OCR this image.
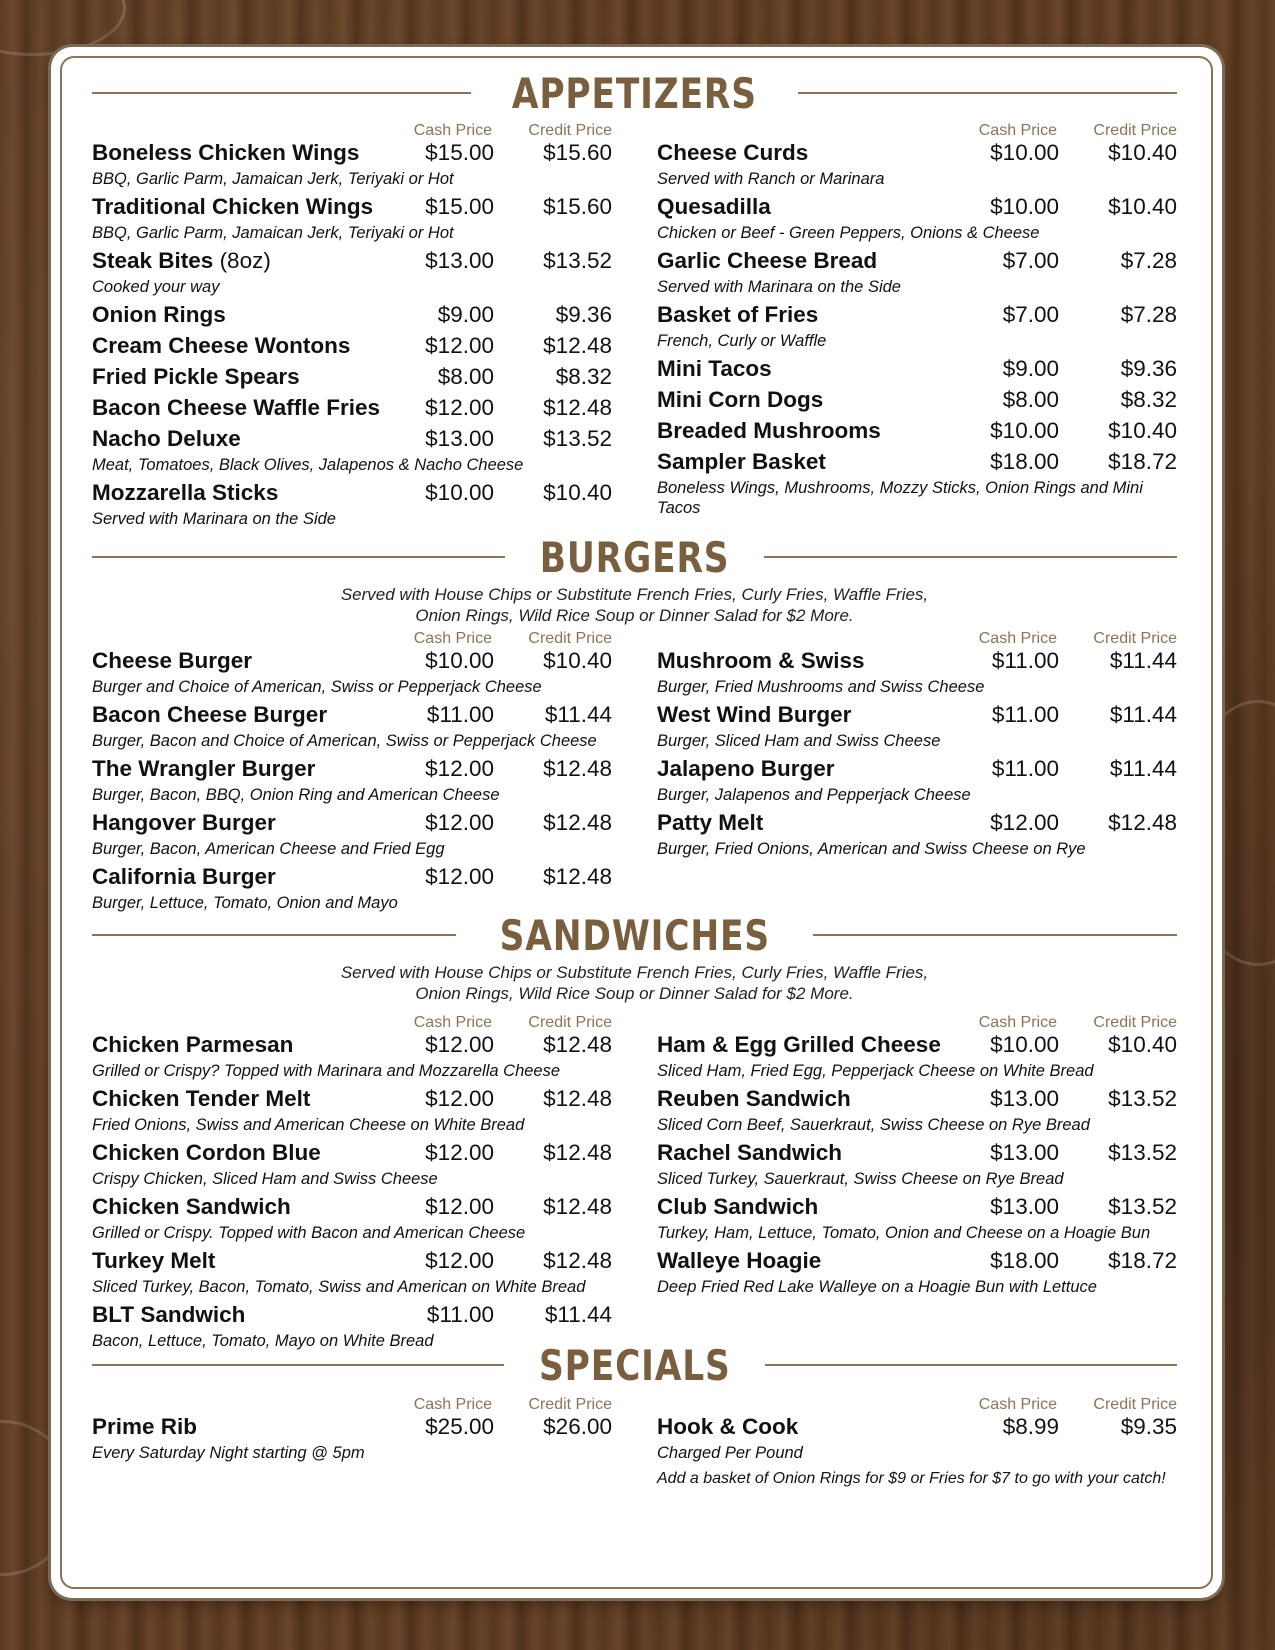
APPETIZERS
Cash Price	Credit Price
Boneless Chicken Wings	$15.00	$15.60
BBQ, Garlic Parm, Jamaican Jerk, Teriyaki or Hot
Traditional Chicken Wings	$15.00	$15.60
BBQ, Garlic Parm, Jamaican Jerk, Teriyaki or Hot
Steak Bites (8oz)	$13.00	$13.52
Cooked your way
Onion Rings	$9.00	$9.36
Cream Cheese Wontons	$12.00	$12.48
Fried Pickle Spears	$8.00	$8.32
Bacon Cheese Waffle Fries	$12.00	$12.48
Nacho Deluxe	$13.00	$13.52
Meat, Tomatoes, Black Olives, Jalapenos & Nacho Cheese
Mozzarella Sticks	$10.00	$10.40
Served with Marinara on the Side
Cash Price	Credit Price
Cheese Curds	$10.00	$10.40
Served with Ranch or Marinara
Quesadilla	$10.00	$10.40
Chicken or Beef - Green Peppers, Onions & Cheese
Garlic Cheese Bread	$7.00	$7.28
Served with Marinara on the Side
Basket of Fries	$7.00	$7.28
French, Curly or Waffle
Mini Tacos	$9.00	$9.36
Mini Corn Dogs	$8.00	$8.32
Breaded Mushrooms	$10.00	$10.40
Sampler Basket	$18.00	$18.72
Boneless Wings, Mushrooms, Mozzy Sticks, Onion Rings and Mini Tacos
BURGERS
Served with House Chips or Substitute French Fries, Curly Fries, Waffle Fries,
Onion Rings, Wild Rice Soup or Dinner Salad for $2 More.
Cash Price	Credit Price
Cheese Burger	$10.00	$10.40
Burger and Choice of American, Swiss or Pepperjack Cheese
Bacon Cheese Burger	$11.00	$11.44
Burger, Bacon and Choice of American, Swiss or Pepperjack Cheese
The Wrangler Burger	$12.00	$12.48
Burger, Bacon, BBQ, Onion Ring and American Cheese
Hangover Burger	$12.00	$12.48
Burger, Bacon, American Cheese and Fried Egg
California Burger	$12.00	$12.48
Burger, Lettuce, Tomato, Onion and Mayo
Cash Price	Credit Price
Mushroom & Swiss	$11.00	$11.44
Burger, Fried Mushrooms and Swiss Cheese
West Wind Burger	$11.00	$11.44
Burger, Sliced Ham and Swiss Cheese
Jalapeno Burger	$11.00	$11.44
Burger, Jalapenos and Pepperjack Cheese
Patty Melt	$12.00	$12.48
Burger, Fried Onions, American and Swiss Cheese on Rye
SANDWICHES
Served with House Chips or Substitute French Fries, Curly Fries, Waffle Fries,
Onion Rings, Wild Rice Soup or Dinner Salad for $2 More.
Cash Price	Credit Price
Chicken Parmesan	$12.00	$12.48
Grilled or Crispy? Topped with Marinara and Mozzarella Cheese
Chicken Tender Melt	$12.00	$12.48
Fried Onions, Swiss and American Cheese on White Bread
Chicken Cordon Blue	$12.00	$12.48
Crispy Chicken, Sliced Ham and Swiss Cheese
Chicken Sandwich	$12.00	$12.48
Grilled or Crispy. Topped with Bacon and American Cheese
Turkey Melt	$12.00	$12.48
Sliced Turkey, Bacon, Tomato, Swiss and American on White Bread
BLT Sandwich	$11.00	$11.44
Bacon, Lettuce, Tomato, Mayo on White Bread
Cash Price	Credit Price
Ham & Egg Grilled Cheese	$10.00	$10.40
Sliced Ham, Fried Egg, Pepperjack Cheese on White Bread
Reuben Sandwich	$13.00	$13.52
Sliced Corn Beef, Sauerkraut, Swiss Cheese on Rye Bread
Rachel Sandwich	$13.00	$13.52
Sliced Turkey, Sauerkraut, Swiss Cheese on Rye Bread
Club Sandwich	$13.00	$13.52
Turkey, Ham, Lettuce, Tomato, Onion and Cheese on a Hoagie Bun
Walleye Hoagie	$18.00	$18.72
Deep Fried Red Lake Walleye on a Hoagie Bun with Lettuce
SPECIALS
Cash Price	Credit Price
Prime Rib	$25.00	$26.00
Every Saturday Night starting @ 5pm
Cash Price	Credit Price
Hook & Cook	$8.99	$9.35
Charged Per Pound
Add a basket of Onion Rings for $9 or Fries for $7 to go with your catch!
